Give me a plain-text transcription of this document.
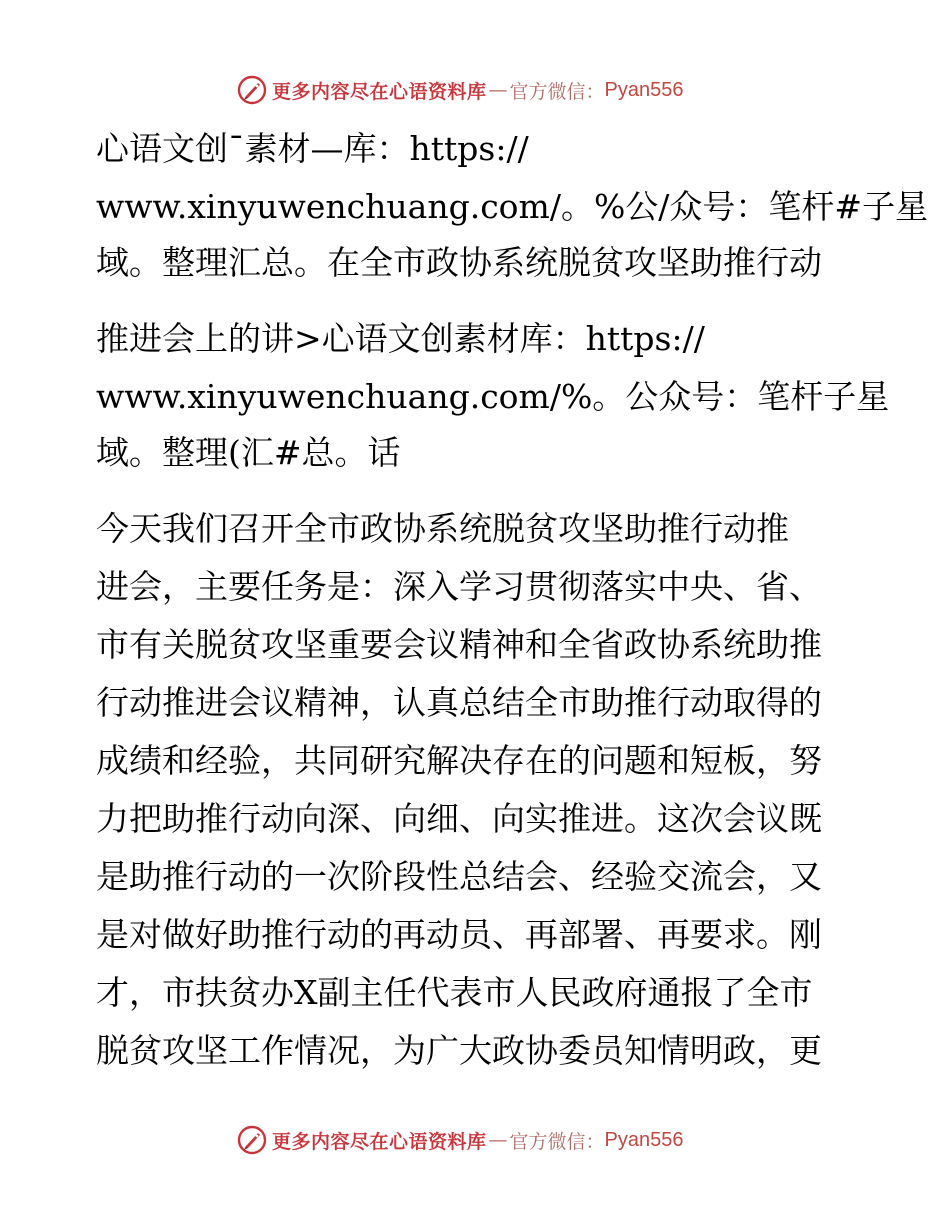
更多内容尽在心语资料库 — 官方微信： Pyan556
心语文创¯素材—库：https://
www.xinyuwenchuang.com/。%公/众号：笔杆#子星
域。整理汇总。在全市政协系统脱贫攻坚助推行动
推进会上的讲>心语文创素材库：https://
www.xinyuwenchuang.com/%。公众号：笔杆子星
域。整理(汇#总。话
今天我们召开全市政协系统脱贫攻坚助推行动推
进会，主要任务是：深入学习贯彻落实中央、省、
市有关脱贫攻坚重要会议精神和全省政协系统助推
行动推进会议精神，认真总结全市助推行动取得的
成绩和经验，共同研究解决存在的问题和短板，努
力把助推行动向深、向细、向实推进。这次会议既
是助推行动的一次阶段性总结会、经验交流会，又
是对做好助推行动的再动员、再部署、再要求。刚
才，市扶贫办X副主任代表市人民政府通报了全市
脱贫攻坚工作情况，为广大政协委员知情明政，更
更多内容尽在心语资料库 — 官方微信： Pyan556
